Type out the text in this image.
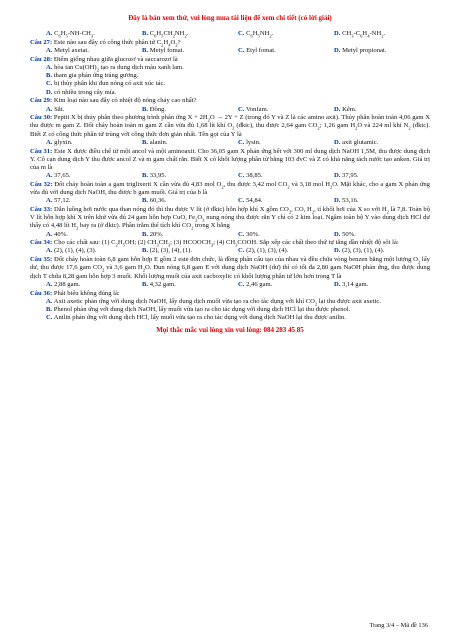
Đây là bản xem thử, vui lòng mua tài liệu để xem chi tiết (có lời giải)
A. $C_6H_5-NH-CH_3$.	B. $C_6H_5CH_2NH_2$.	C. $C_6H_5NH_2$.	D. $CH_3-C_6H_4-NH_2$.
Câu 27: Este nào sau đây có công thức phân tử $C_2H_4O_2$?
A. Metyl axetat.	B. Metyl fomat.	C. Etyl fomat.	D. Metyl propionat.
Câu 28: Điểm giống nhau giữa glucozơ và saccarozơ là
A. hòa $\tan Cu(OH)_2$ tạo ra dung dịch màu xanh lam.
B. tham gia phản ứng tráng gương.
C. bị thủy phân khi đun nóng có axit xúc tác.
D. có nhiều trong cây mía.
Câu 29: Kim loại nào sau đây có nhiệt độ nóng chảy cao nhất?
A. Sắt.	B. Đồng.	C. Vonfam.	D. Kẽm.
Câu 30: Peptit X bị thủy phân theo phương trình phản ứng $X + 2H_2O \to 2Y + Z$ (trong đó Y và Z là các amino axit). Thủy phân hoàn toàn 4,06 gam X thu được m gam Z. Đốt cháy hoàn toàn m gam Z cần vừa đủ 1,68 lít khí $O_2$ (đktc), thu được 2,64 gam $CO_2$; 1,26 gam $H_2O$ và 224 ml khí $N_2$ (đktc). Biết Z có công thức phân tử trùng với công thức đơn giản nhất. Tên gọi của Y là
A. glyxin.	B. alanin.	C. lysin.	D. axit glutamic.
Câu 31: Este X được điều chế từ một ancol và một aminoaxit. Cho 36,05 gam X phản ứng hết với 300 ml dung dịch NaOH 1,5M, thu được dung dịch Y. Cô cạn dung dịch Y thu được ancol Z và m gam chất rắn. Biết X có khối lượng phân tử bằng 103 đvC và Z có khả năng tách nước tạo anken. Giá trị của m là
A. 37,65.	B. 33,95.	C. 38,85.	D. 37,95.
Câu 32: Đốt cháy hoàn toàn a gam triglixerit X cần vừa đủ 4,83 mol $O_2$, thu được 3,42 mol $CO_2$ và 3,18 mol $H_2O$. Mặt khác, cho a gam X phản ứng vừa đủ với dung dịch NaOH, thu được b gam muối. Giá trị của b là
A. 57,12.	B. 60,36.	C. 54,84.	D. 53,16.
Câu 33: Dẫn luồng hơi nước qua than nóng đỏ thì thu được V lít (ở đktc) hỗn hợp khí X gồm $CO_2$, CO, $H_2$, tỉ khối hơi của X so với $H_2$ là 7,8. Toàn bộ V lít hỗn hợp khí X trên khử vừa đủ 24 gam hỗn hợp CuO, $Fe_2O_3$ nung nóng thu được rắn Y chỉ có 2 kim loại. Ngâm toàn bộ Y vào dung dịch HCl dư thấy có 4,48 lít $H_2$ bay ra (ở đktc). Phần trăm thể tích khí $CO_2$ trong X bằng
A. 40%.	B. 20%.	C. 30%.	D. 50%.
Câu 34: Cho các chất sau: (1) $C_2H_5OH$; (2) $CH_3CH_3$; (3) $HCOOCH_3$; (4) $CH_3COOH$. Sắp xếp các chất theo thứ tự tăng dần nhiệt độ sôi là:
A. (2), (1), (4), (3).	B. (2), (3), (4), (1).	C. (2), (1), (3), (4).	D. (2), (3), (1), (4).
Câu 35: Đốt cháy hoàn toàn 6,8 gam hỗn hợp E gồm 2 este đơn chức, là đồng phân cấu tạo của nhau và đều chứa vòng benzen bằng một lượng $O_2$ lấy dư, thu được 17,6 gam $CO_2$ và 3,6 gam $H_2O$. Đun nóng 6,8 gam E với dung dịch NaOH (dư) thì có tối đa 2,80 gam NaOH phản ứng, thu được dung dịch T chứa 8,28 gam hỗn hợp 3 muối. Khối lượng muối của axit cacboxylic có khối lượng phân tử lớn hơn trong T là
A. 2,88 gam.	B. 4,32 gam.	C. 2,46 gam.	D. 3,14 gam.
Câu 36: Phát biểu không đúng là:
A. Axit axetic phản ứng với dung dịch NaOH, lấy dung dịch muối vừa tạo ra cho tác dụng với khí $CO_2$ lại thu được axit axetic.
B. Phenol phản ứng với dung dịch NaOH, lấy muối vừa tạo ra cho tác dụng với dung dịch HCl lại thu được phenol.
C. Anilin phản ứng với dung dịch HCl, lấy muối vừa tạo ra cho tác dụng với dung dịch NaOH lại thu được anilin.
Mọi thắc mắc vui lòng xin vui lòng: 084 283 45 85
Trang 3/4 – Mã đề 136
